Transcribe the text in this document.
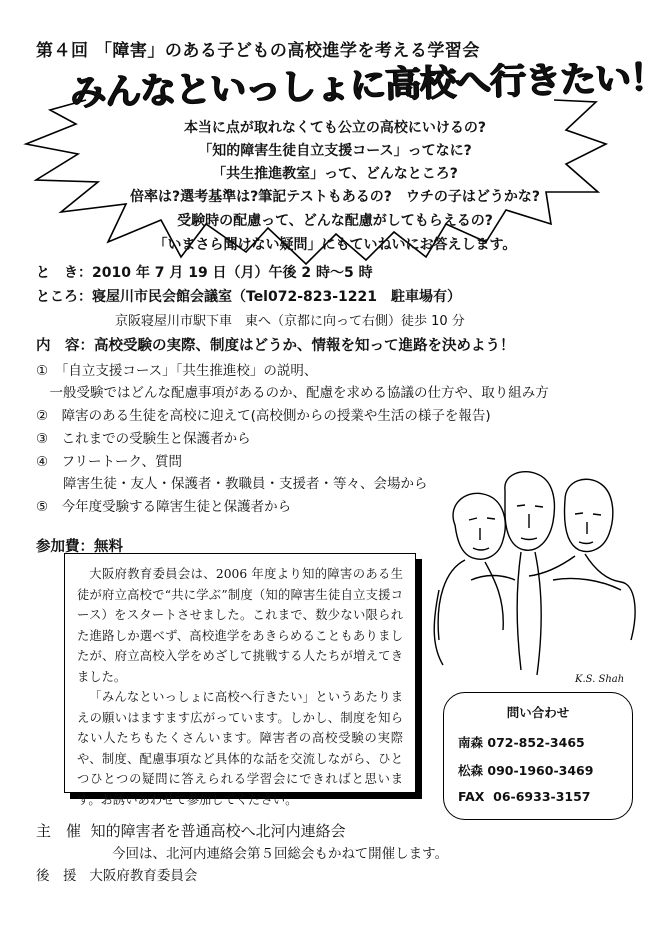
第４回 「障害」のある子どもの高校進学を考える学習会
みんなといっしょに高校へ行きたい！
本当に点が取れなくても公立の高校にいけるの?
「知的障害生徒自立支援コース」ってなに?
「共生推進教室」って、どんなところ?
倍率は?選考基準は?筆記テストもあるの?　ウチの子はどうかな?
受験時の配慮って、どんな配慮がしてもらえるの?
「いまさら聞けない疑問」にもていねいにお答えします。
と　き：2010 年 7 月 19 日（月）午後 2 時～5 時
ところ：寝屋川市民会館会議室（Tel072-823-1221　駐車場有）
京阪寝屋川市駅下車　東へ（京都に向って右側）徒歩 10 分
内　容：高校受験の実際、制度はどうか、情報を知って進路を決めよう！
①　「自立支援コース」「共生推進校」の説明、
　一般受験ではどんな配慮事項があるのか、配慮を求める協議の仕方や、取り組み方
②　障害のある生徒を高校に迎えて(高校側からの授業や生活の様子を報告)
③　これまでの受験生と保護者から
④　フリートーク、質問
　　障害生徒・友人・保護者・教職員・支援者・等々、会場から
⑤　今年度受験する障害生徒と保護者から
参加費：無料

大阪府教育委員会は、2006 年度より知的障害のある生徒が府立高校で“共に学ぶ”制度（知的障害生徒自立支援コース）をスタートさせました。これまで、数少ない限られた進路しか選べず、高校進学をあきらめることもありましたが、府立高校入学をめざして挑戦する人たちが増えてきました。

「みんなといっしょに高校へ行きたい」というあたりまえの願いはますます広がっています。しかし、制度を知らない人たちもたくさんいます。障害者の高校受験の実際や、制度、配慮事項など具体的な話を交流しながら、ひとつひとつの疑問に答えられる学習会にできればと思います。お誘いあわせて参加してください。

K.S. Shah
問い合わせ
南森 072-852-3465
松森 090-1960-3469
FAX 06-6933-3157
主　催 知的障害者を普通高校へ北河内連絡会
今回は、北河内連絡会第５回総会もかねて開催します。
後　援 大阪府教育委員会
